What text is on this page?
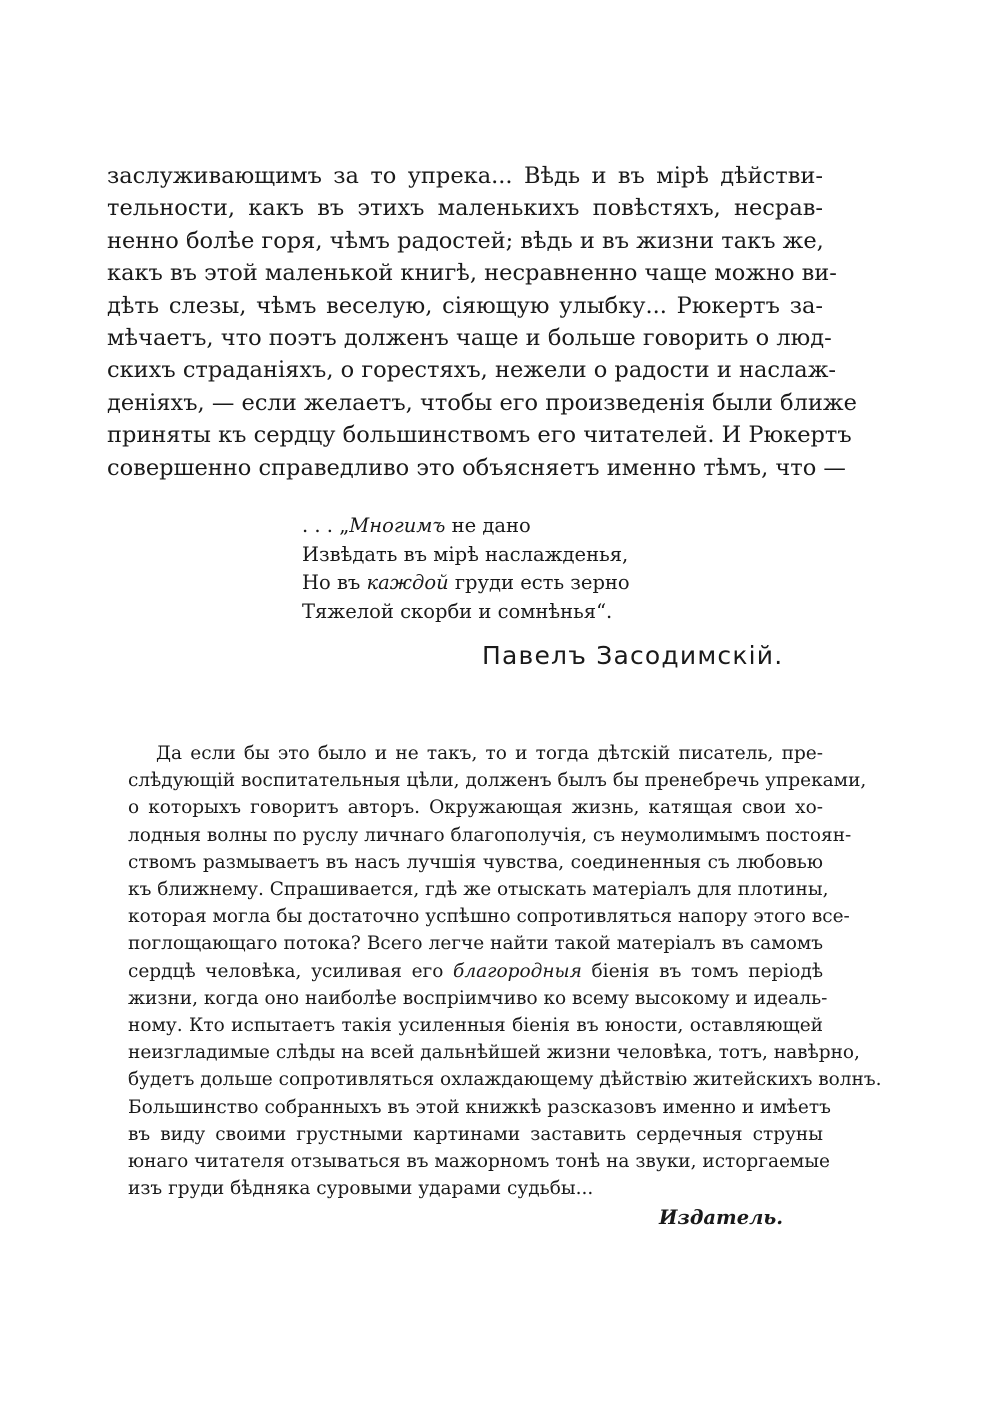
заслуживающимъ за то упрека... Вѣдь и въ мірѣ дѣйстви-
тельности, какъ въ этихъ маленькихъ повѣстяхъ, несрав-
ненно болѣе горя, чѣмъ радостей; вѣдь и въ жизни такъ же,
какъ въ этой маленькой книгѣ, несравненно чаще можно ви-
дѣть слезы, чѣмъ веселую, сіяющую улыбку... Рюкертъ за-
мѣчаетъ, что поэтъ долженъ чаще и больше говорить о люд-
скихъ страданіяхъ, о горестяхъ, нежели о радости и наслаж-
деніяхъ, — если желаетъ, чтобы его произведенія были ближе
приняты къ сердцу большинствомъ его читателей. И Рюкертъ
совершенно справедливо это объясняетъ именно тѣмъ, что —
. . . „Многимъ не дано
Извѣдать въ мірѣ наслажденья,
Но въ каждой груди есть зерно
Тяжелой скорби и сомнѣнья“.
Павелъ Засодимскій.
Да если бы это было и не такъ, то и тогда дѣтскій писатель, пре-
слѣдующій воспитательныя цѣли, долженъ былъ бы пренебречь упреками,
о которыхъ говоритъ авторъ. Окружающая жизнь, катящая свои хо-
лодныя волны по руслу личнаго благополучія, съ неумолимымъ постоян-
ствомъ размываетъ въ насъ лучшія чувства, соединенныя съ любовью
къ ближнему. Спрашивается, гдѣ же отыскать матеріалъ для плотины,
которая могла бы достаточно успѣшно сопротивляться напору этого все-
поглощающаго потока? Всего легче найти такой матеріалъ въ самомъ
сердцѣ человѣка, усиливая его благородныя біенія въ томъ періодѣ
жизни, когда оно наиболѣе воспріимчиво ко всему высокому и идеаль-
ному. Кто испытаетъ такія усиленныя біенія въ юности, оставляющей
неизгладимые слѣды на всей дальнѣйшей жизни человѣка, тотъ, навѣрно,
будетъ дольше сопротивляться охлаждающему дѣйствію житейскихъ волнъ.
Большинство собранныхъ въ этой книжкѣ разсказовъ именно и имѣетъ
въ виду своими грустными картинами заставить сердечныя струны
юнаго читателя отзываться въ мажорномъ тонѣ на звуки, исторгаемые
изъ груди бѣдняка суровыми ударами судьбы...
Издатель.
